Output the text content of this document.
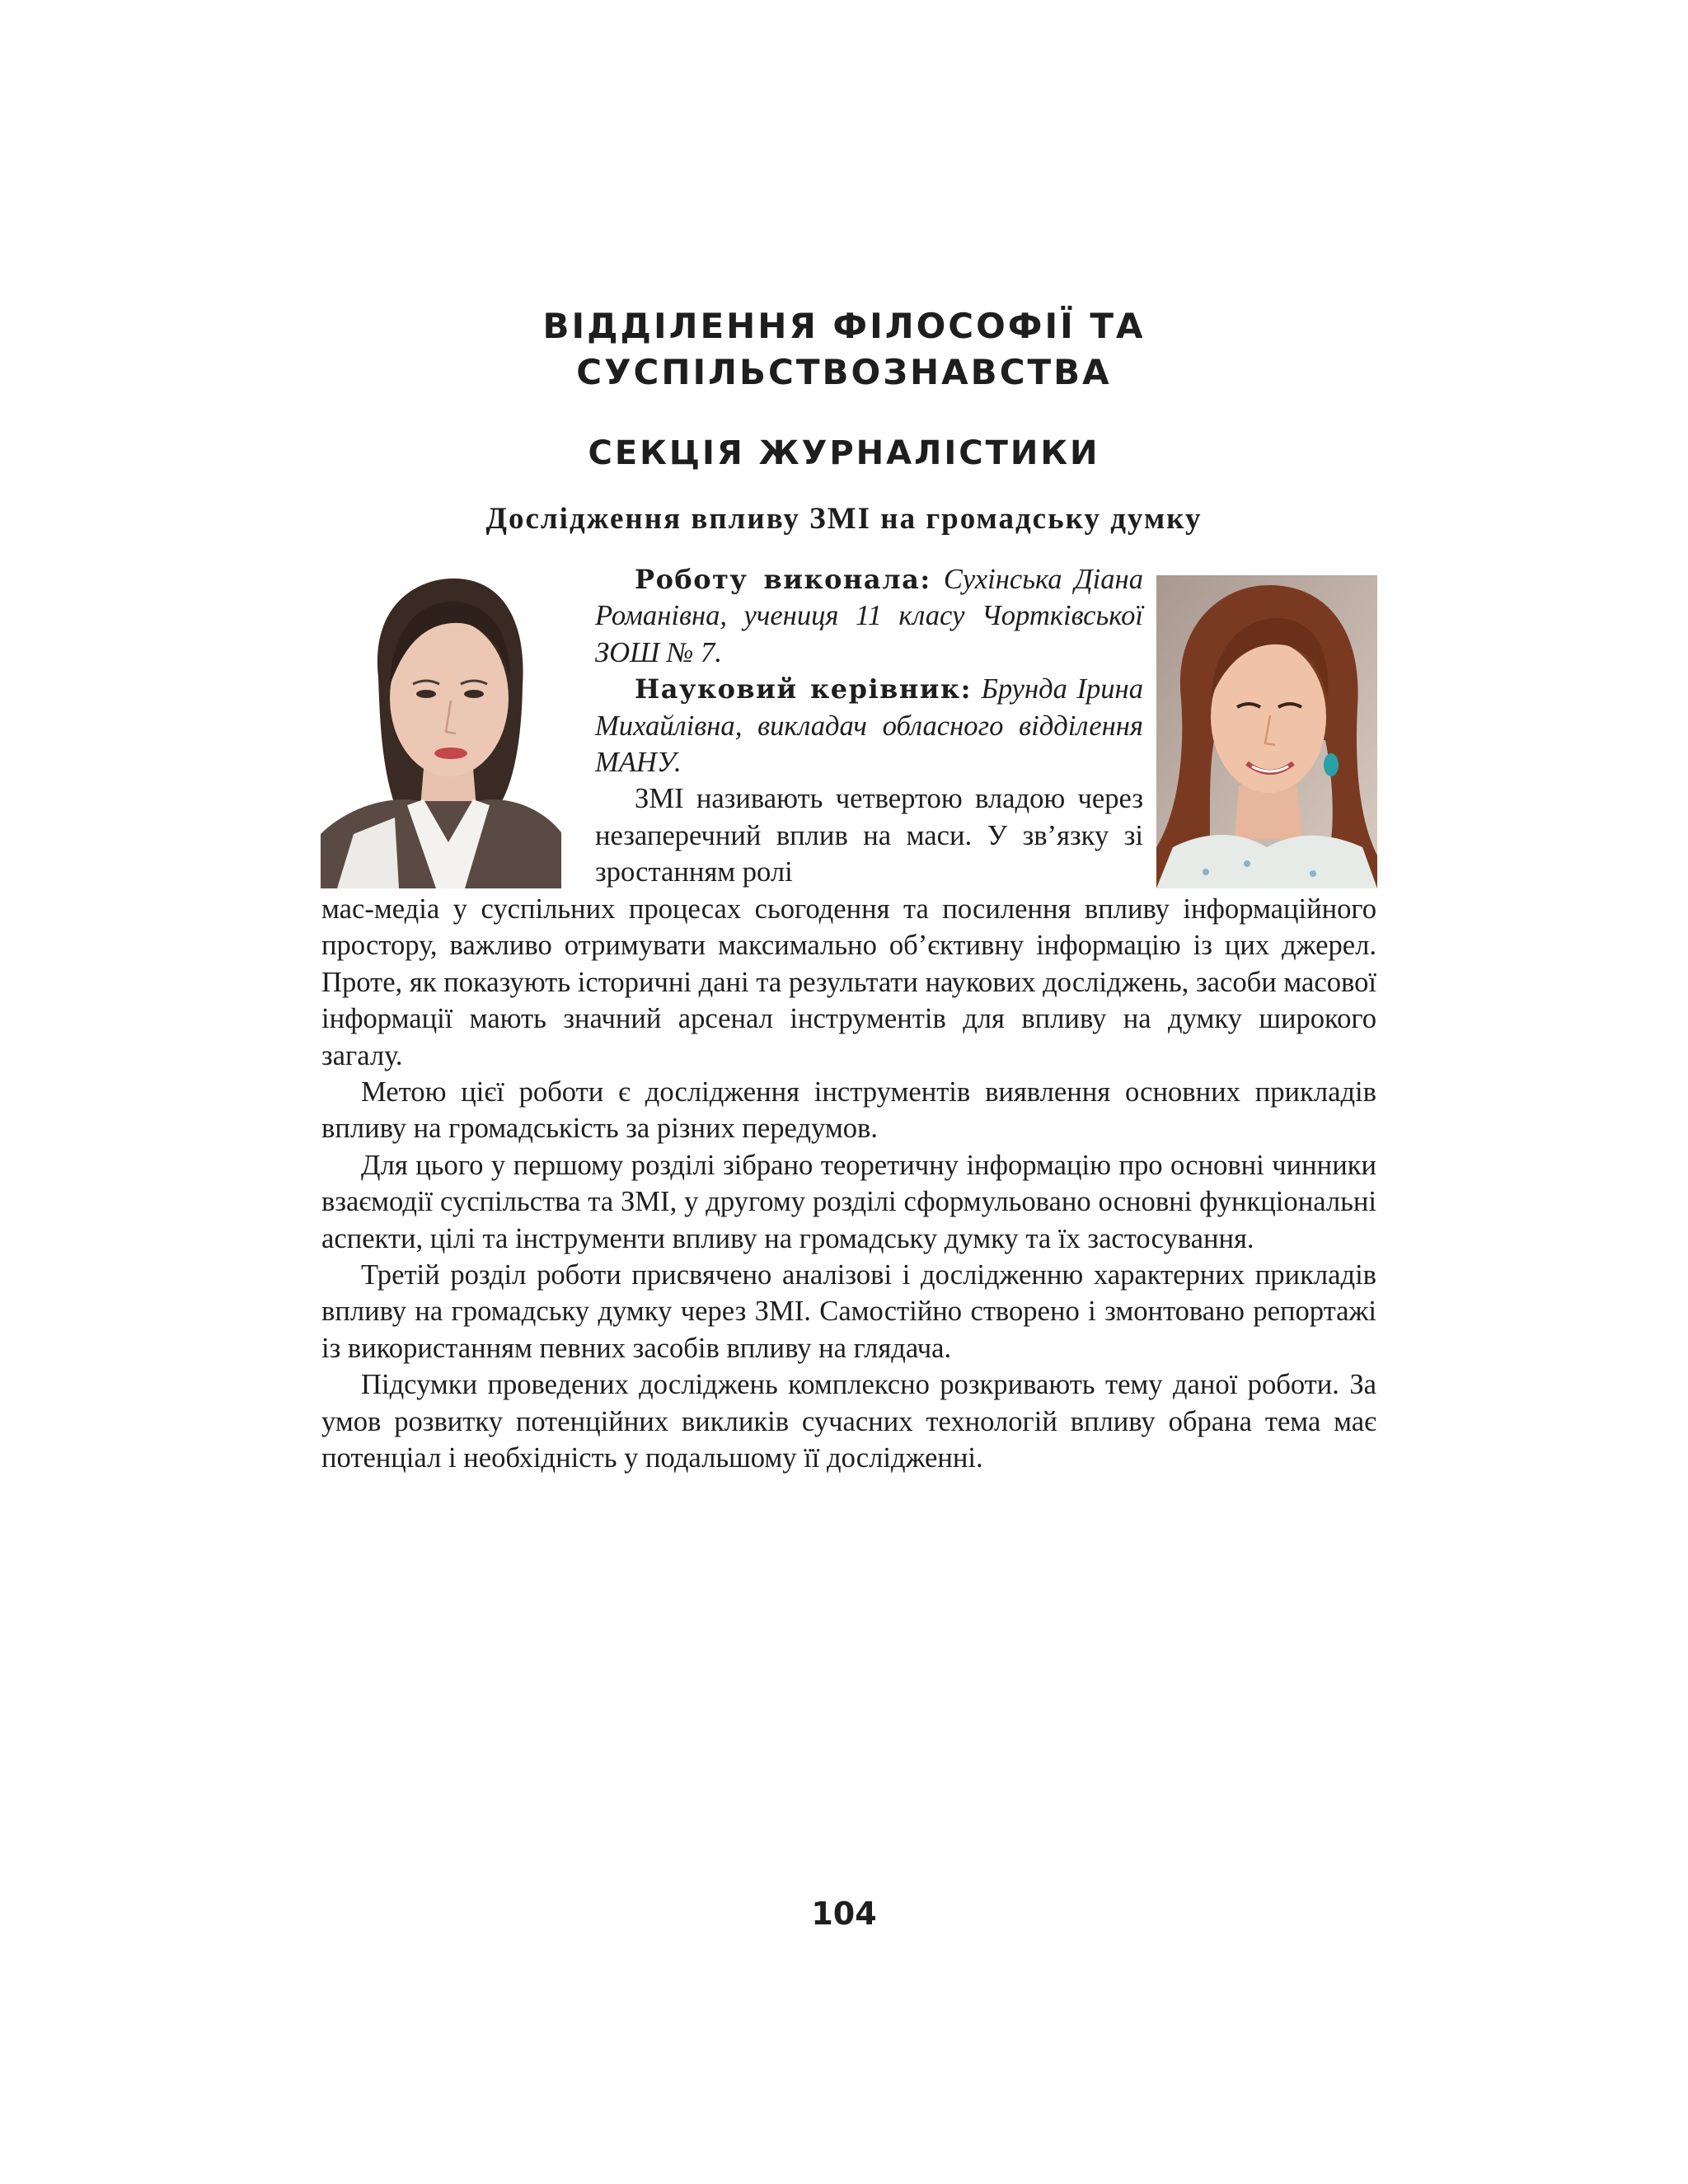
ВІДДІЛЕННЯ ФІЛОСОФІЇ ТА
СУСПІЛЬСТВОЗНАВСТВА
СЕКЦІЯ ЖУРНАЛІСТИКИ
Дослідження впливу ЗМІ на громадську думку

Роботу виконала: Сухінська Діана Романівна, учениця 11 класу Чортківської ЗОШ № 7.

Науковий керівник: Брунда Ірина Михайлівна, викладач обласного відділення МАНУ.

ЗМІ називають четвертою владою через незаперечний вплив на маси. У зв’язку зі зростанням ролі

мас-медіа у суспільних процесах сьогодення та посилення впливу інформаційного простору, важливо отримувати максимально об’єктивну інформацію із цих джерел. Проте, як показують історичні дані та результати наукових досліджень, засоби масової інформації мають значний арсенал інструментів для впливу на думку широкого загалу.

Метою цієї роботи є дослідження інструментів виявлення основних прикладів впливу на громадськість за різних передумов.

Для цього у першому розділі зібрано теоретичну інформацію про основні чинники взаємодії суспільства та ЗМІ, у другому розділі сформульовано основні функціональні аспекти, цілі та інструменти впливу на громадську думку та їх застосування.

Третій розділ роботи присвячено аналізові і дослідженню характерних прикладів впливу на громадську думку через ЗМІ. Самостійно створено і змонтовано репортажі із використанням певних засобів впливу на глядача.

Підсумки проведених досліджень комплексно розкривають тему даної роботи. За умов розвитку потенційних викликів сучасних технологій впливу обрана тема має потенціал і необхідність у подальшому її дослідженні.

104
